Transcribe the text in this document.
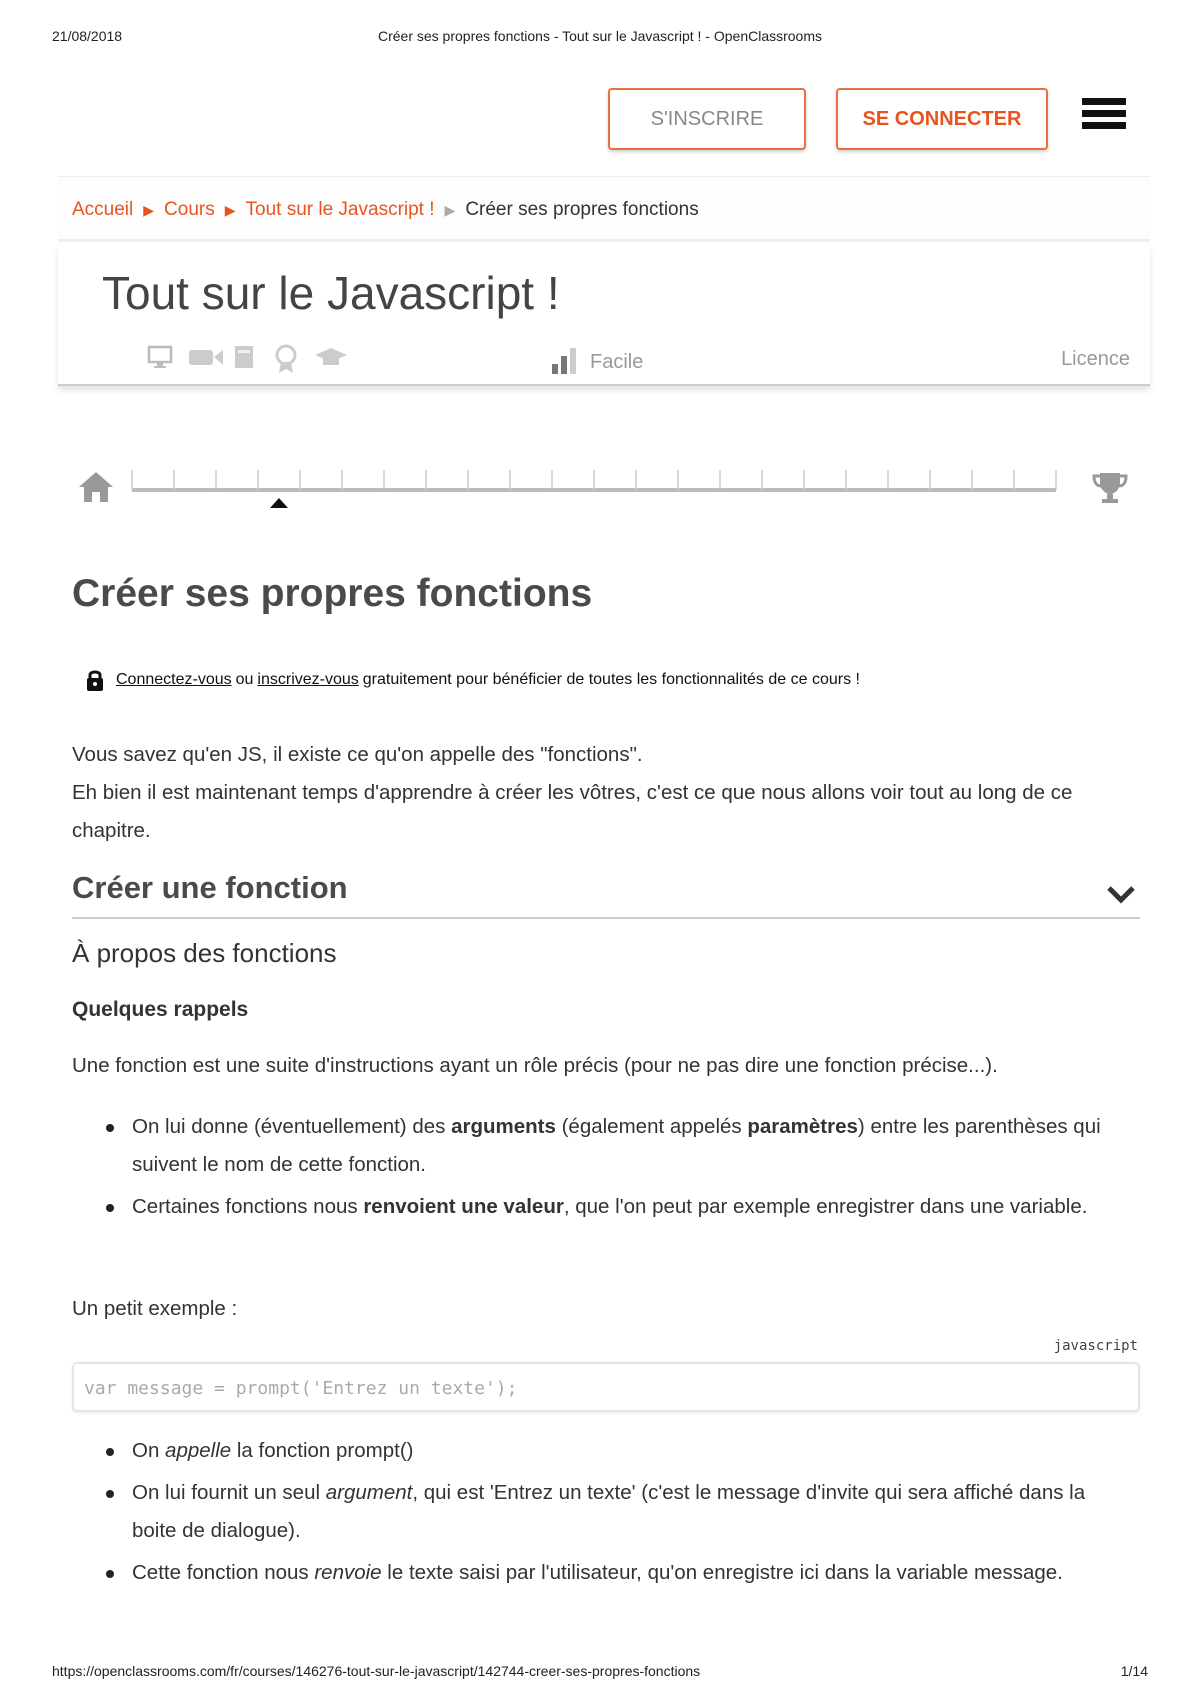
21/08/2018	Créer ses propres fonctions - Tout sur le Javascript ! - OpenClassrooms
S'INSCRIRE	SE CONNECTER
Accueil ▶ Cours ▶ Tout sur le Javascript ! ▶ Créer ses propres fonctions
Tout sur le Javascript !
Facile	Licence
Créer ses propres fonctions
Connectez-vous ou inscrivez-vous gratuitement pour bénéficier de toutes les fonctionnalités de ce cours !
Vous savez qu'en JS, il existe ce qu'on appelle des "fonctions".
Eh bien il est maintenant temps d'apprendre à créer les vôtres, c'est ce que nous allons voir tout au long de ce chapitre.
Créer une fonction
À propos des fonctions
Quelques rappels
Une fonction est une suite d'instructions ayant un rôle précis (pour ne pas dire une fonction précise...).
On lui donne (éventuellement) des arguments (également appelés paramètres) entre les parenthèses qui suivent le nom de cette fonction.
Certaines fonctions nous renvoient une valeur, que l'on peut par exemple enregistrer dans une variable.
Un petit exemple :
javascript
var message = prompt('Entrez un texte');
On appelle la fonction prompt()
On lui fournit un seul argument, qui est 'Entrez un texte' (c'est le message d'invite qui sera affiché dans la boite de dialogue).
Cette fonction nous renvoie le texte saisi par l'utilisateur, qu'on enregistre ici dans la variable message.
https://openclassrooms.com/fr/courses/146276-tout-sur-le-javascript/142744-creer-ses-propres-fonctions	1/14
